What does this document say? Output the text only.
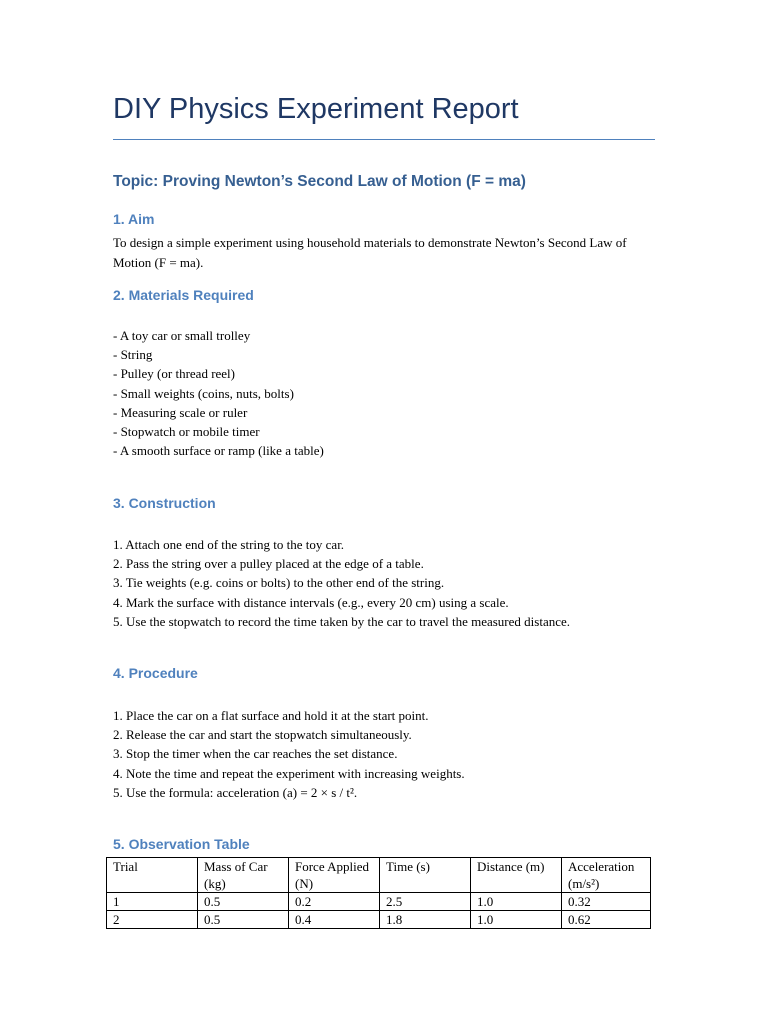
DIY Physics Experiment Report
Topic: Proving Newton’s Second Law of Motion (F = ma)
1. Aim

To design a simple experiment using household materials to demonstrate Newton’s Second Law of Motion (F = ma).

2. Materials Required
- A toy car or small trolley
- String
- Pulley (or thread reel)
- Small weights (coins, nuts, bolts)
- Measuring scale or ruler
- Stopwatch or mobile timer
- A smooth surface or ramp (like a table)
3. Construction
1. Attach one end of the string to the toy car.
2. Pass the string over a pulley placed at the edge of a table.
3. Tie weights (e.g. coins or bolts) to the other end of the string.
4. Mark the surface with distance intervals (e.g., every 20 cm) using a scale.
5. Use the stopwatch to record the time taken by the car to travel the measured distance.
4. Procedure
1. Place the car on a flat surface and hold it at the start point.
2. Release the car and start the stopwatch simultaneously.
3. Stop the timer when the car reaches the set distance.
4. Note the time and repeat the experiment with increasing weights.
5. Use the formula: acceleration (a) = 2 × s / t².
5. Observation Table
Trial	Mass of Car (kg)	Force Applied (N)	Time (s)	Distance (m)	Acceleration (m/s²)
1	0.5	0.2	2.5	1.0	0.32
2	0.5	0.4	1.8	1.0	0.62
